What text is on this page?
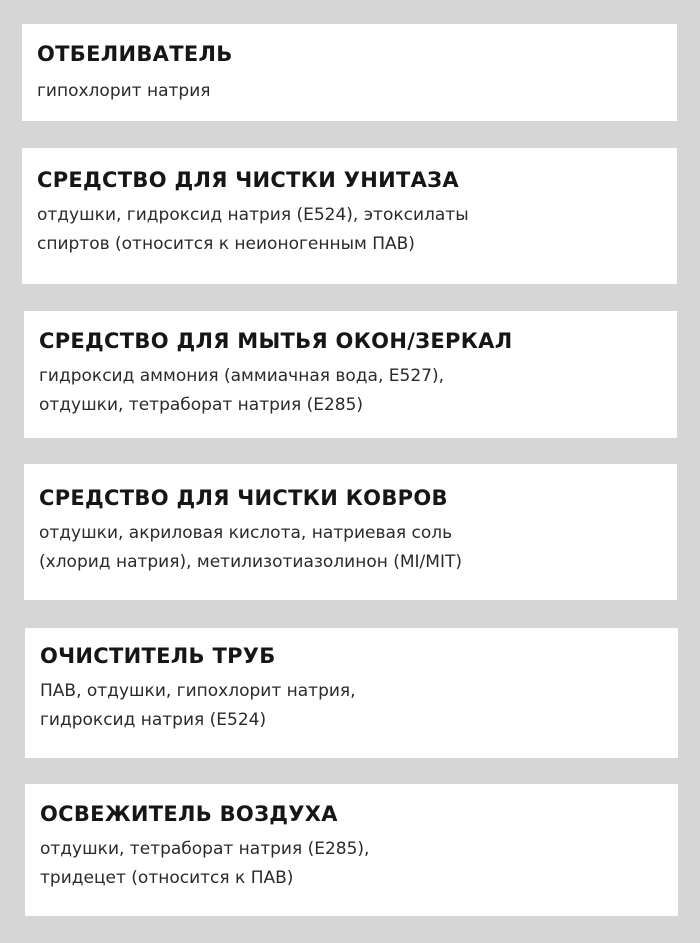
ОТБЕЛИВАТЕЛЬ
гипохлорит натрия
СРЕДСТВО ДЛЯ ЧИСТКИ УНИТАЗА
отдушки, гидроксид натрия (Е524), этоксилаты
спиртов (относится к неионогенным ПАВ)
СРЕДСТВО ДЛЯ МЫТЬЯ ОКОН/ЗЕРКАЛ
гидроксид аммония (аммиачная вода, Е527),
отдушки, тетраборат натрия (Е285)
СРЕДСТВО ДЛЯ ЧИСТКИ КОВРОВ
отдушки, акриловая кислота, натриевая соль
(хлорид натрия), метилизотиазолинон (MI/MIT)
ОЧИСТИТЕЛЬ ТРУБ
ПАВ, отдушки, гипохлорит натрия,
гидроксид натрия (Е524)
ОСВЕЖИТЕЛЬ ВОЗДУХА
отдушки, тетраборат натрия (Е285),
тридецет (относится к ПАВ)
